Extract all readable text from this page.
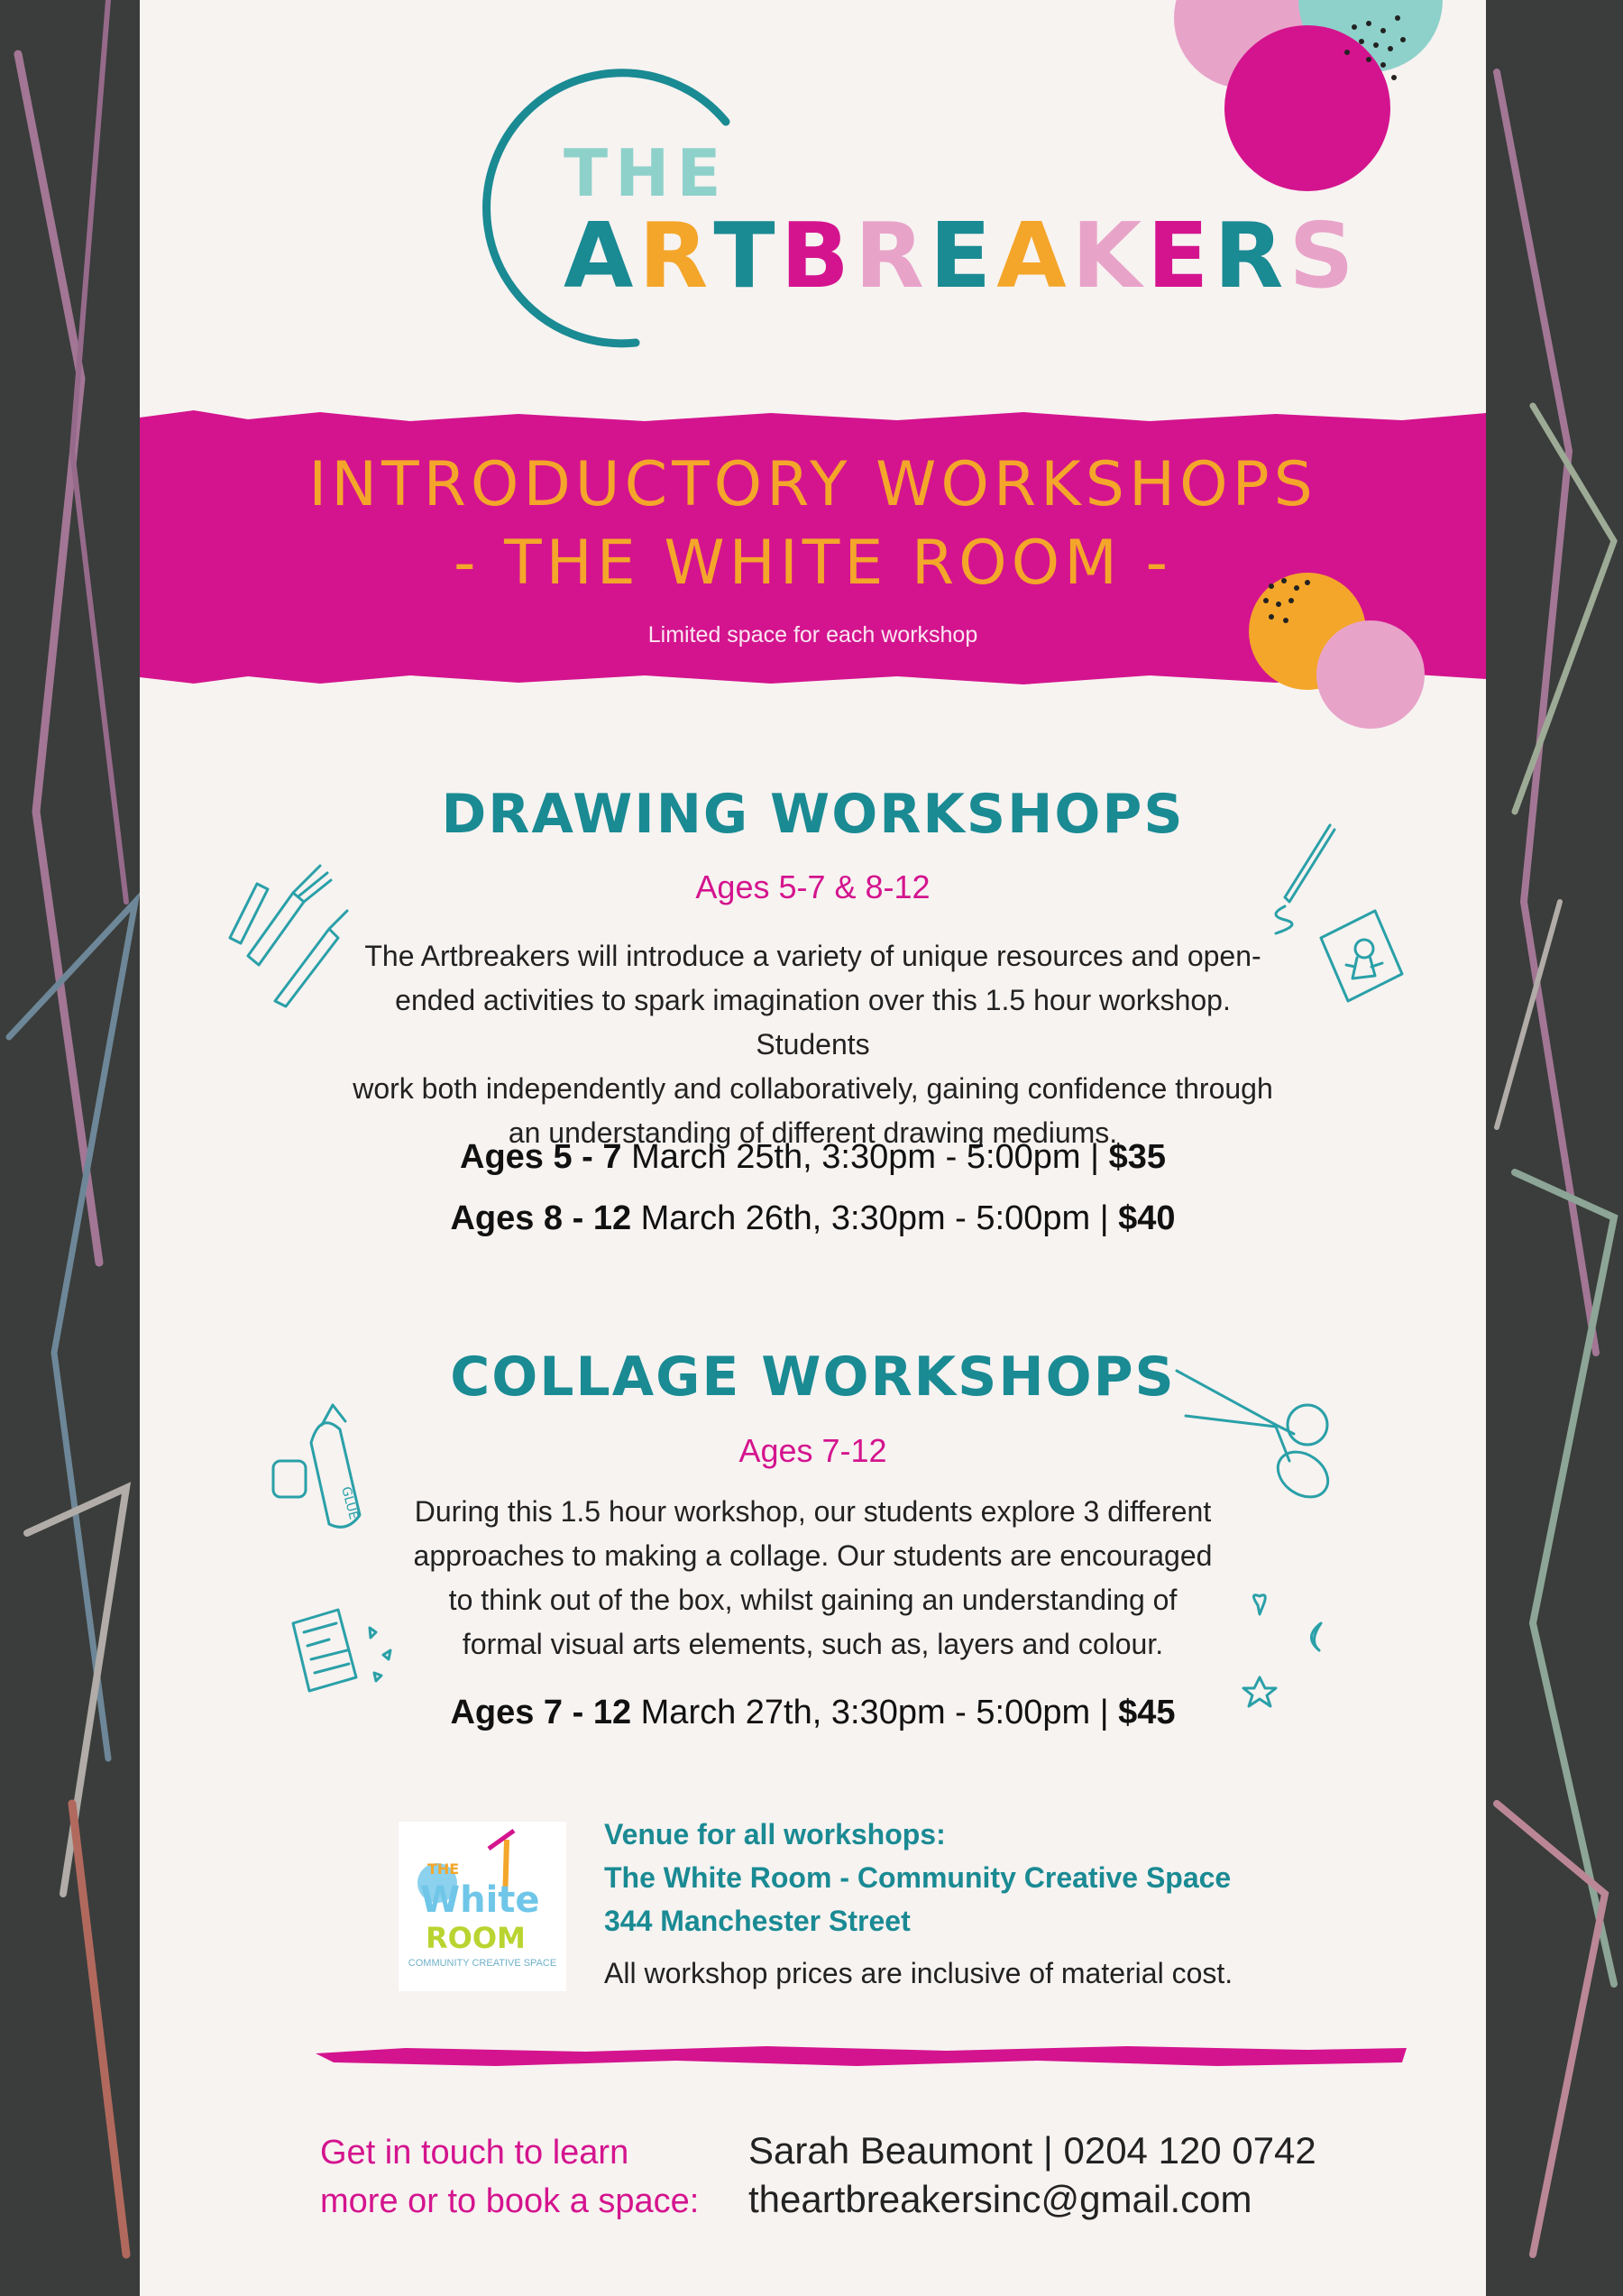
THE
ARTBREAKERS
INTRODUCTORY WORKSHOPS
- THE WHITE ROOM -
Limited space for each workshop
DRAWING WORKSHOPS
Ages 5-7 & 8-12
The Artbreakers will introduce a variety of unique resources and open-
ended activities to spark imagination over this 1.5 hour workshop. Students
work both independently and collaboratively, gaining confidence through
an understanding of different drawing mediums.
Ages 5 - 7 March 25th, 3:30pm - 5:00pm | $35
Ages 8 - 12 March 26th, 3:30pm - 5:00pm | $40
COLLAGE WORKSHOPS
Ages 7-12
During this 1.5 hour workshop, our students explore 3 different
approaches to making a collage. Our students are encouraged
to think out of the box, whilst gaining an understanding of
formal visual arts elements, such as, layers and colour.
Ages 7 - 12 March 27th, 3:30pm - 5:00pm | $45
GLUE
THE
White
ROOM
COMMUNITY CREATIVE SPACE
Venue for all workshops:
The White Room - Community Creative Space
344 Manchester Street
All workshop prices are inclusive of material cost.
Get in touch to learn
more or to book a space:
Sarah Beaumont | 0204 120 0742
theartbreakersinc@gmail.com
